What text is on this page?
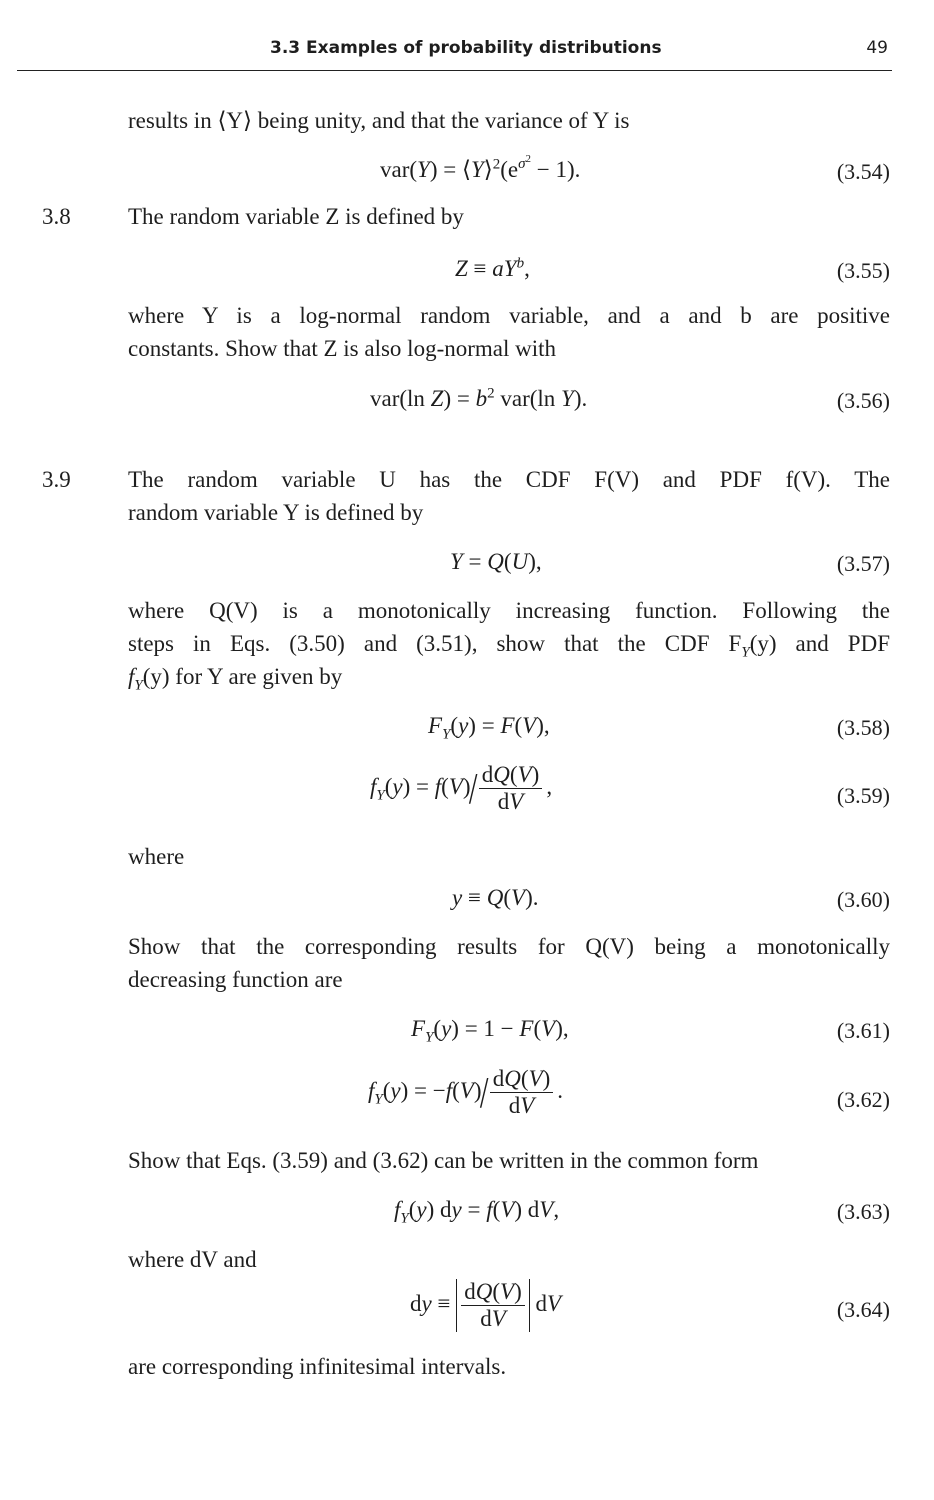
3.3 Examples of probability distributions	49

results in ⟨Y⟩ being unity, and that the variance of Y is

$var(Y) = ⟨Y⟩^2(e^{\sigma^2} - 1)$.	(3.54)
3.8 The random variable Z is defined by

$Z \equiv aY^b$,	(3.55)

where Y is a log-normal random variable, and a and b are positive
constants. Show that Z is also log-normal with

var(ln $Z) = b^2$ var(ln Y).	(3.56)
3.9 The random variable U has the CDF F(V) and PDF f(V). The
random variable Y is defined by

Y = Q(U),	(3.57)

where Q(V) is a monotonically increasing function. Following the
steps in Eqs. (3.50) and (3.51), show that the CDF $F_Y(y)$ and PDF
$f_Y(y)$ for Y are given by

$F_Y(y) = F(V)$,	(3.58)
$f_Y(y) = f(V)/ \frac{dQ(V)}{dV}$ ,	(3.59)

where

y ≡ Q(V).	(3.60)

Show that the corresponding results for Q(V) being a monotonically
decreasing function are

$F_Y(y) = 1 - F(V)$,	(3.61)
$f_Y(y) = -f(V)/ \frac{dQ(V)}{dV}$ .	(3.62)

Show that Eqs. (3.59) and (3.62) can be written in the common form

$f_Y(y)$ dy = f(V) dV,	(3.63)

where dV and

dy ≡ $\frac{dQ(V)}{dV}$ dV	(3.64)

are corresponding infinitesimal intervals.
